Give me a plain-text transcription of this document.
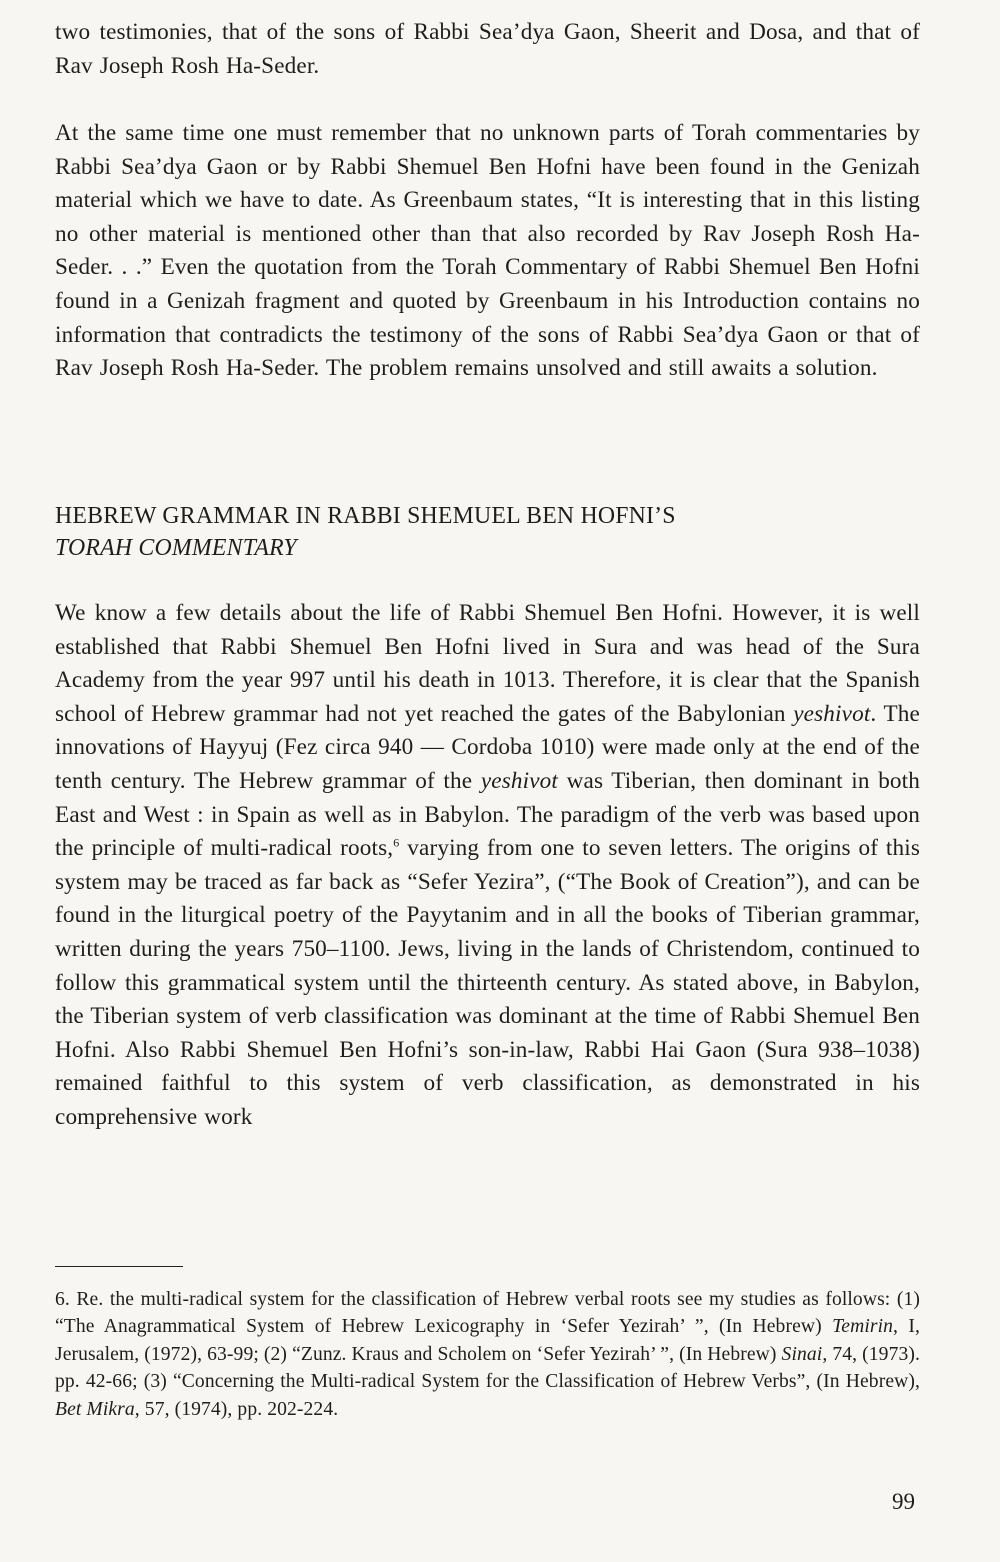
two testimonies, that of the sons of Rabbi Sea’dya Gaon, Sheerit and Dosa, and that of Rav Joseph Rosh Ha-Seder.

At the same time one must remember that no unknown parts of Torah commentaries by Rabbi Sea’dya Gaon or by Rabbi Shemuel Ben Hofni have been found in the Genizah material which we have to date. As Greenbaum states, “It is interesting that in this listing no other material is mentioned other than that also recorded by Rav Joseph Rosh Ha-Seder. . .” Even the quotation from the Torah Commentary of Rabbi Shemuel Ben Hofni found in a Genizah fragment and quoted by Greenbaum in his Introduction contains no information that contradicts the testimony of the sons of Rabbi Sea’dya Gaon or that of Rav Joseph Rosh Ha-Seder. The problem remains unsolved and still awaits a solution.

HEBREW GRAMMAR IN RABBI SHEMUEL BEN HOFNI’S
TORAH COMMENTARY

We know a few details about the life of Rabbi Shemuel Ben Hofni. However, it is well established that Rabbi Shemuel Ben Hofni lived in Sura and was head of the Sura Academy from the year 997 until his death in 1013. Therefore, it is clear that the Spanish school of Hebrew grammar had not yet reached the gates of the Babylonian yeshivot. The innovations of Hayyuj (Fez circa 940 — Cordoba 1010) were made only at the end of the tenth century. The Hebrew grammar of the yeshivot was Tiberian, then dominant in both East and West : in Spain as well as in Babylon. The paradigm of the verb was based upon the principle of multi-radical roots,$^6$ varying from one to seven letters. The origins of this system may be traced as far back as “Sefer Yezira”, (“The Book of Creation”), and can be found in the liturgical poetry of the Payytanim and in all the books of Tiberian grammar, written during the years 750–1100. Jews, living in the lands of Christendom, continued to follow this grammatical system until the thirteenth century. As stated above, in Babylon, the Tiberian system of verb classification was dominant at the time of Rabbi Shemuel Ben Hofni. Also Rabbi Shemuel Ben Hofni’s son-in-law, Rabbi Hai Gaon (Sura 938–1038) remained faithful to this system of verb classification, as demonstrated in his comprehensive work

6. Re. the multi-radical system for the classification of Hebrew verbal roots see my studies as follows: (1) “The Anagrammatical System of Hebrew Lexicography in ‘Sefer Yezirah’ ”, (In Hebrew) Temirin, I, Jerusalem, (1972), 63-99; (2) “Zunz. Kraus and Scholem on ‘Sefer Yezirah’ ”, (In Hebrew) Sinai, 74, (1973). pp. 42-66; (3) “Concerning the Multi-radical System for the Classification of Hebrew Verbs”, (In Hebrew), Bet Mikra, 57, (1974), pp. 202-224.

99
